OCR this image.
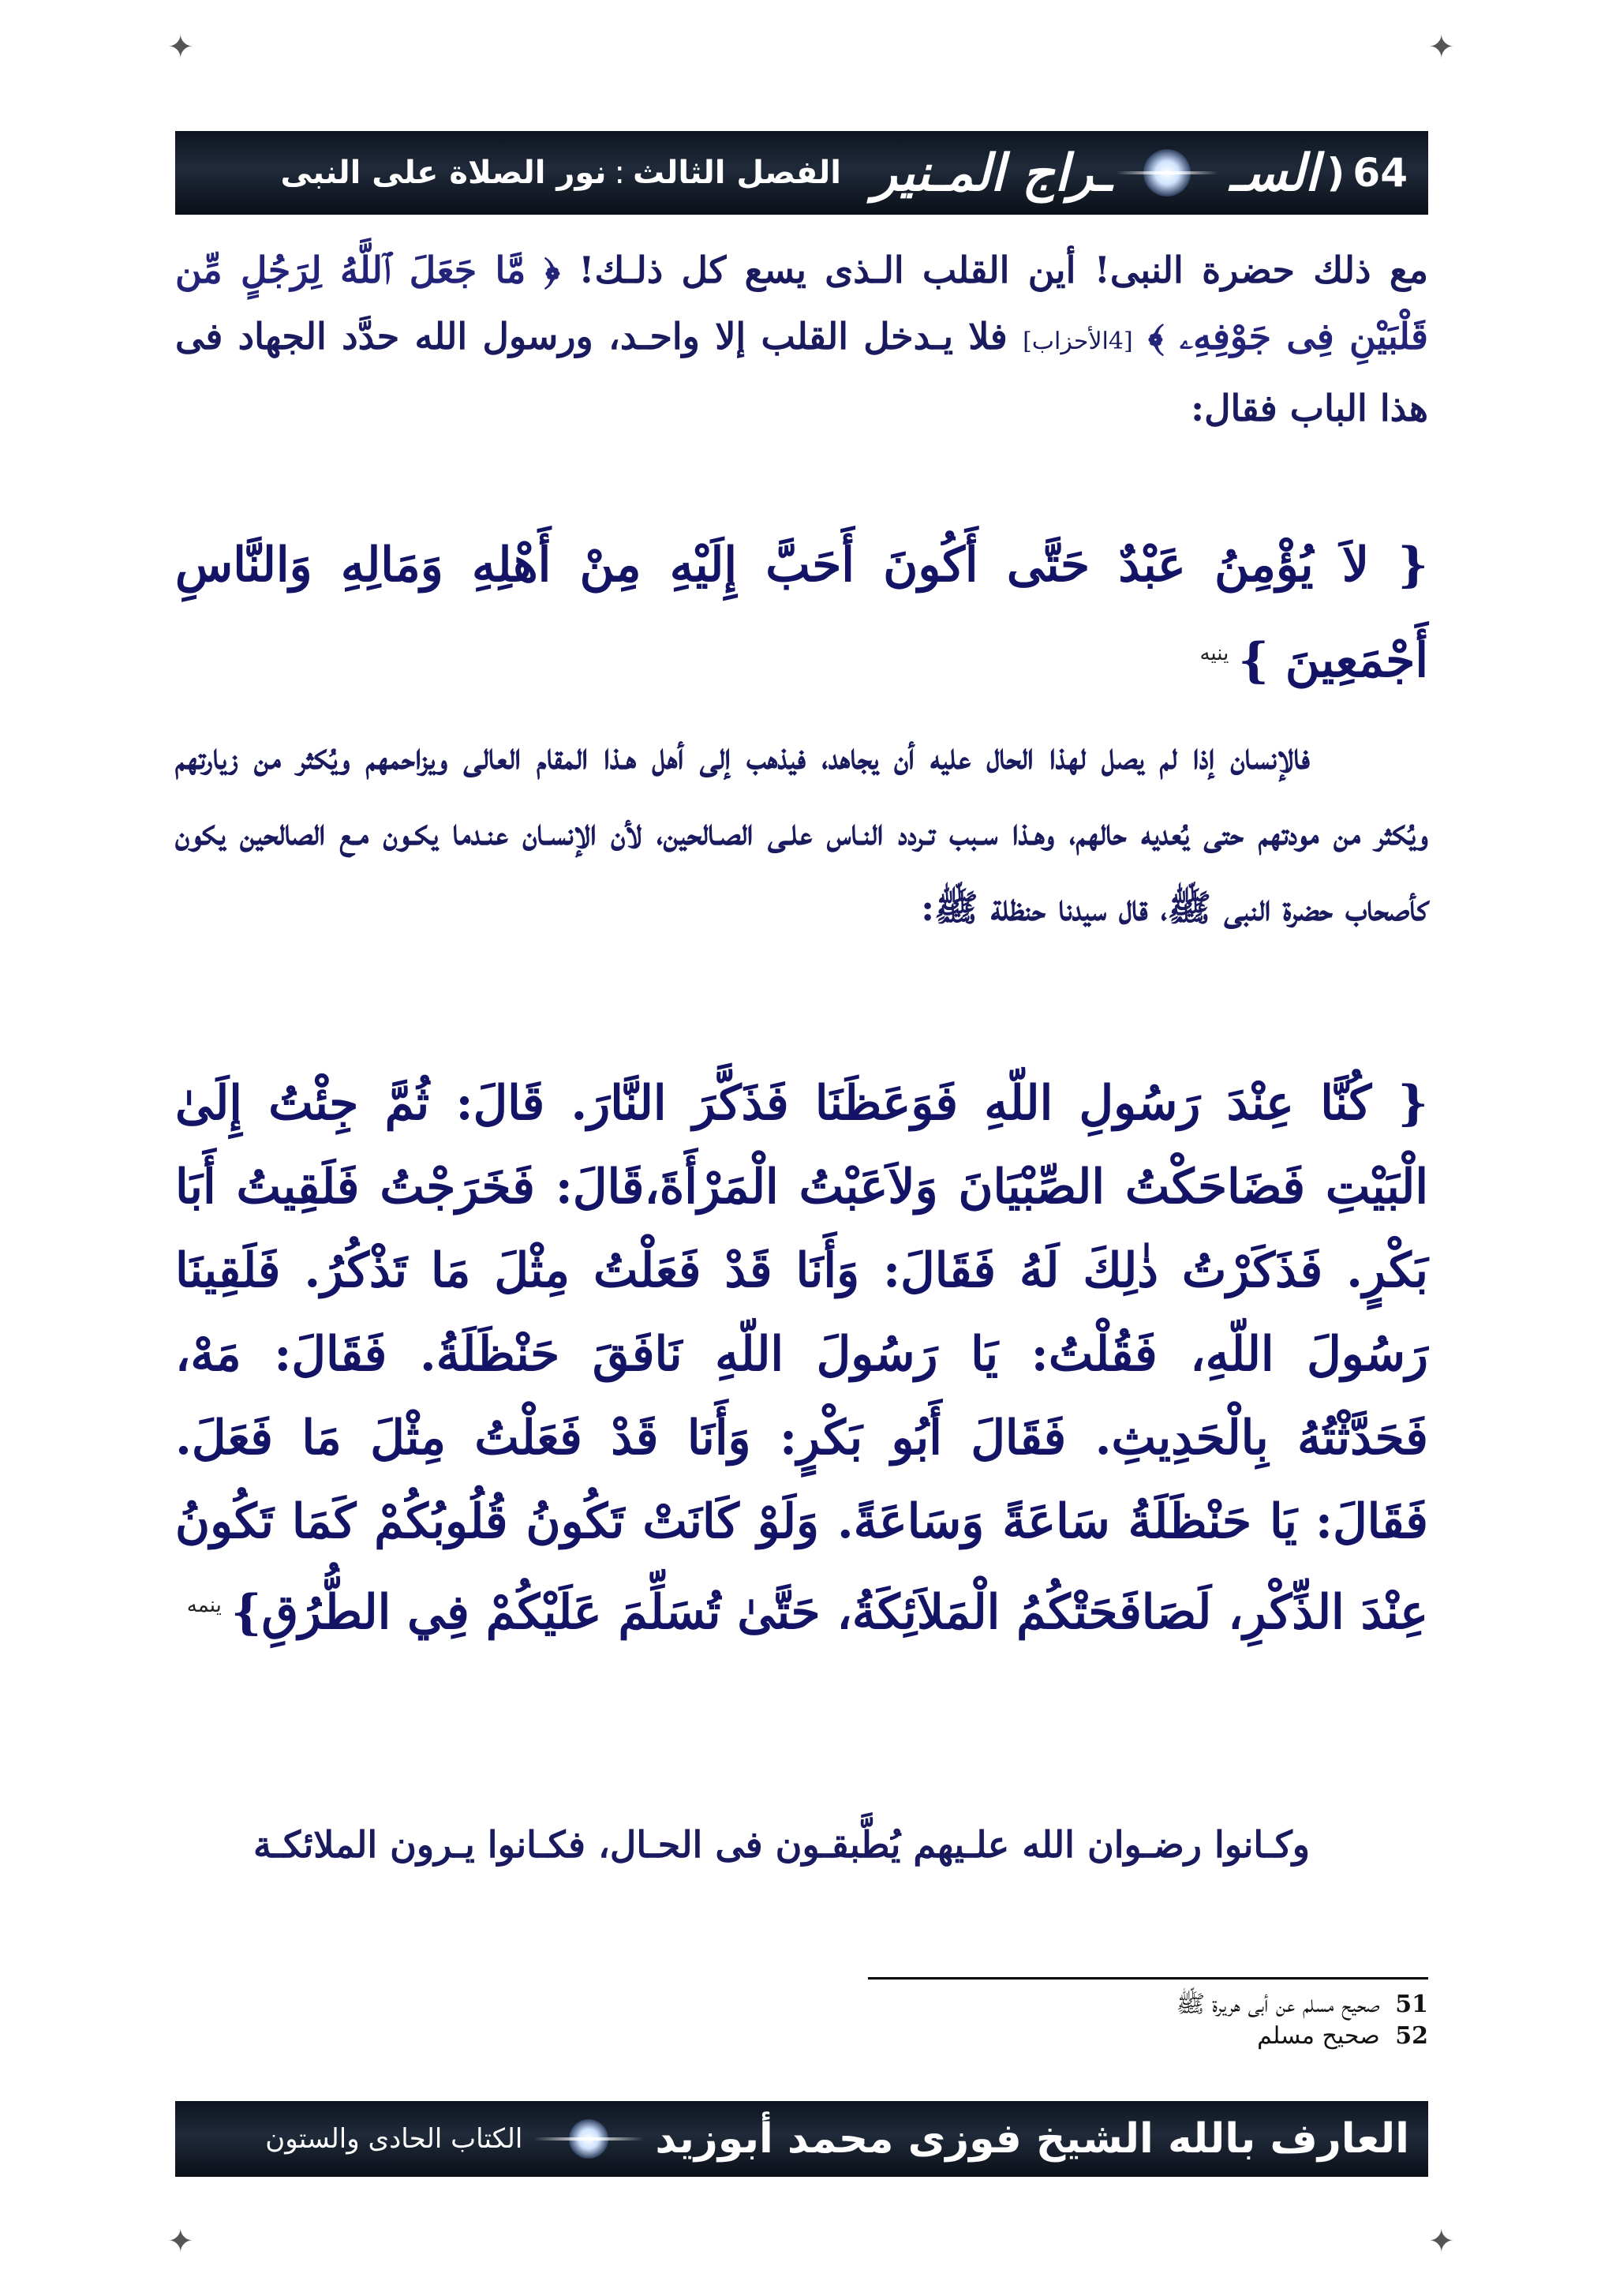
✦	✦
✦	✦
64
(
السـ
ـراج المـنير
الفصل الثالث
:
نور الصلاة على النبى
مع ذلك حضرة النبى! أين القلب الـذى يسع كل ذلـك! ﴿ مَّا جَعَلَ ٱللَّهُ لِرَجُلٍ مِّن قَلْبَيْنِ فِى جَوْفِهِۦ ﴾ [4الأحزاب] فلا يـدخل القلب إلا واحـد، ورسول الله حدَّد الجهاد فى هذا الباب فقال:
{ لاَ يُؤْمِنُ عَبْدٌ حَتَّى أَكُونَ أَحَبَّ إِلَيْهِ مِنْ أَهْلِهِ وَمَالِهِ وَالنَّاسِ أَجْمَعِينَ }$^{ينيه}$
فالإنسان إذا لم يصل لهذا الحال عليه أن يجاهد، فيذهب إلى أهل هـذا المقام العالى ويزاحمهم ويُكثر من زيارتهم ويُكثر من مودتهم حتى يُعديه حالهم، وهـذا سـبب تـردد النـاس علـى الصـالحين، لأن الإنسـان عنـدما يكـون مـع الصالحين يكون كأصحاب حضرة النبى ﷺ، قال سيدنا حنظلة ﷺ:
{ كُنَّا عِنْدَ رَسُولِ اللّهِ فَوَعَظَنَا فَذَكَّرَ النَّارَ. قَالَ: ثُمَّ جِئْتُ إِلَىٰ الْبَيْتِ فَضَاحَكْتُ الصِّبْيَانَ وَلاَعَبْتُ الْمَرْأَةَ،قَالَ: فَخَرَجْتُ فَلَقِيتُ أَبَا بَكْرٍ. فَذَكَرْتُ ذٰلِكَ لَهُ فَقَالَ: وَأَنَا قَدْ فَعَلْتُ مِثْلَ مَا تَذْكُرُ. فَلَقِينَا رَسُولَ اللّهِ، فَقُلْتُ: يَا رَسُولَ اللّهِ نَافَقَ حَنْظَلَةُ. فَقَالَ: مَهْ، فَحَدَّثْتُهُ بِالْحَدِيثِ. فَقَالَ أَبُو بَكْرٍ: وَأَنَا قَدْ فَعَلْتُ مِثْلَ مَا فَعَلَ. فَقَالَ: يَا حَنْظَلَةُ سَاعَةً وَسَاعَةً. وَلَوْ كَانَتْ تَكُونُ قُلُوبُكُمْ كَمَا تَكُونُ عِنْدَ الذِّكْرِ، لَصَافَحَتْكُمُ الْمَلاَئِكَةُ، حَتَّىٰ تُسَلِّمَ عَلَيْكُمْ فِي الطُّرُقِ}$^{ينمه}$
وكـانوا رضـوان الله علـيهم يُطَّبقـون فى الحـال، فكـانوا يـرون الملائكـة
51 صحيح مسلم عن أبى هريرة ﷺ
52 صحيح مسلم
العارف بالله الشيخ فوزى محمد أبوزيد
الكتاب الحادى والستون
